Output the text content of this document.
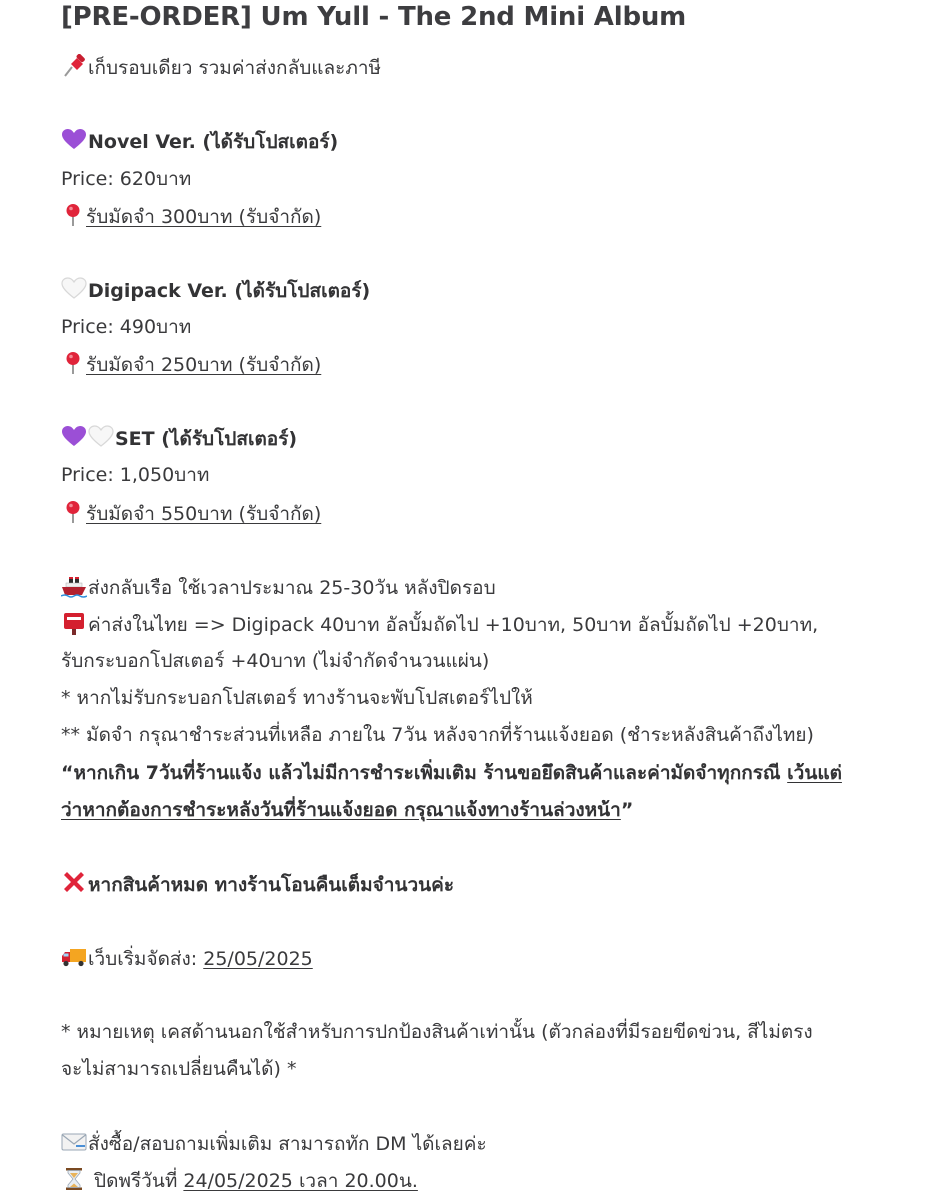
[PRE-ORDER] Um Yull - The 2nd Mini Album
เก็บรอบเดียว รวมค่าส่งกลับและภาษี
Novel Ver. (ได้รับโปสเตอร์)
Price: 620บาท
รับมัดจำ 300บาท (รับจำกัด)
Digipack Ver. (ได้รับโปสเตอร์)
Price: 490บาท
รับมัดจำ 250บาท (รับจำกัด)
SET (ได้รับโปสเตอร์)
Price: 1,050บาท
รับมัดจำ 550บาท (รับจำกัด)
ส่งกลับเรือ ใช้เวลาประมาณ 25-30วัน หลังปิดรอบ
ค่าส่งในไทย => Digipack 40บาท อัลบั้มถัดไป +10บาท, 50บาท อัลบั้มถัดไป +20บาท,
รับกระบอกโปสเตอร์ +40บาท (ไม่จำกัดจำนวนแผ่น)
* หากไม่รับกระบอกโปสเตอร์ ทางร้านจะพับโปสเตอร์ไปให้
** มัดจำ กรุณาชำระส่วนที่เหลือ ภายใน 7วัน หลังจากที่ร้านแจ้งยอด (ชำระหลังสินค้าถึงไทย)
“หากเกิน 7วันที่ร้านแจ้ง แล้วไม่มีการชำระเพิ่มเติม ร้านขอยึดสินค้าและค่ามัดจำทุกกรณี เว้นแต่
ว่าหากต้องการชำระหลังวันที่ร้านแจ้งยอด กรุณาแจ้งทางร้านล่วงหน้า”
หากสินค้าหมด ทางร้านโอนคืนเต็มจำนวนค่ะ
เว็บเริ่มจัดส่ง: 25/05/2025
* หมายเหตุ เคสด้านนอกใช้สำหรับการปกป้องสินค้าเท่านั้น (ตัวกล่องที่มีรอยขีดข่วน, สีไม่ตรง
จะไม่สามารถเปลี่ยนคืนได้) *
สั่งซื้อ/สอบถามเพิ่มเติม สามารถทัก DM ได้เลยค่ะ
ปิดพรีวันที่ 24/05/2025 เวลา 20.00น.
